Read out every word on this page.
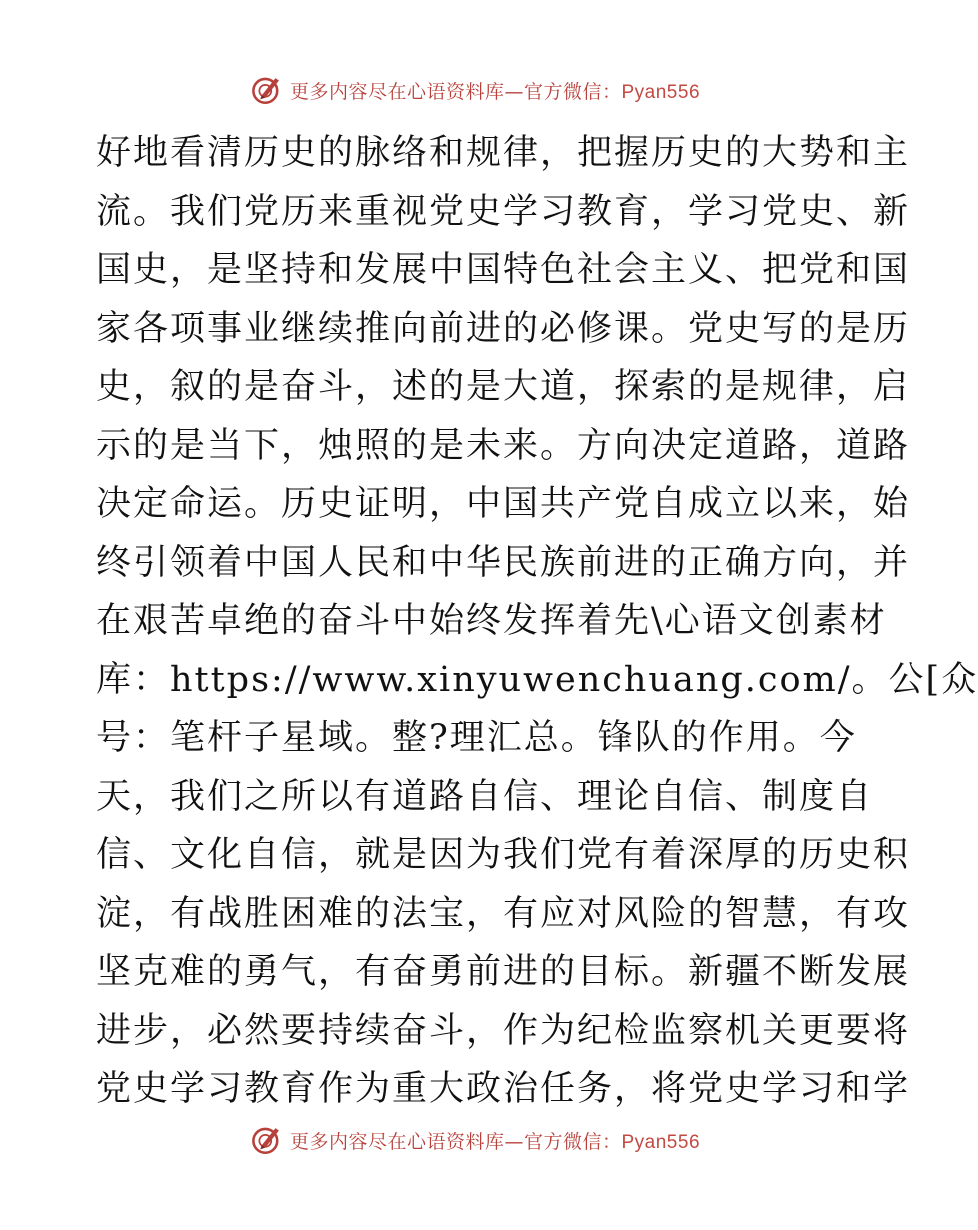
更多内容尽在心语资料库—官方微信：Pyan556
好地看清历史的脉络和规律，把握历史的大势和主
流。我们党历来重视党史学习教育，学习党史、新
国史，是坚持和发展中国特色社会主义、把党和国
家各项事业继续推向前进的必修课。党史写的是历
史，叙的是奋斗，述的是大道，探索的是规律，启
示的是当下，烛照的是未来。方向决定道路，道路
决定命运。历史证明，中国共产党自成立以来，始
终引领着中国人民和中华民族前进的正确方向，并
在艰苦卓绝的奋斗中始终发挥着先\心语文创素材
库：https://www.xinyuwenchuang.com/。公[众
号：笔杆子星域。整?理汇总。锋队的作用。今
天，我们之所以有道路自信、理论自信、制度自
信、文化自信，就是因为我们党有着深厚的历史积
淀，有战胜困难的法宝，有应对风险的智慧，有攻
坚克难的勇气，有奋勇前进的目标。新疆不断发展
进步，必然要持续奋斗，作为纪检监察机关更要将
党史学习教育作为重大政治任务，将党史学习和学
更多内容尽在心语资料库—官方微信：Pyan556
